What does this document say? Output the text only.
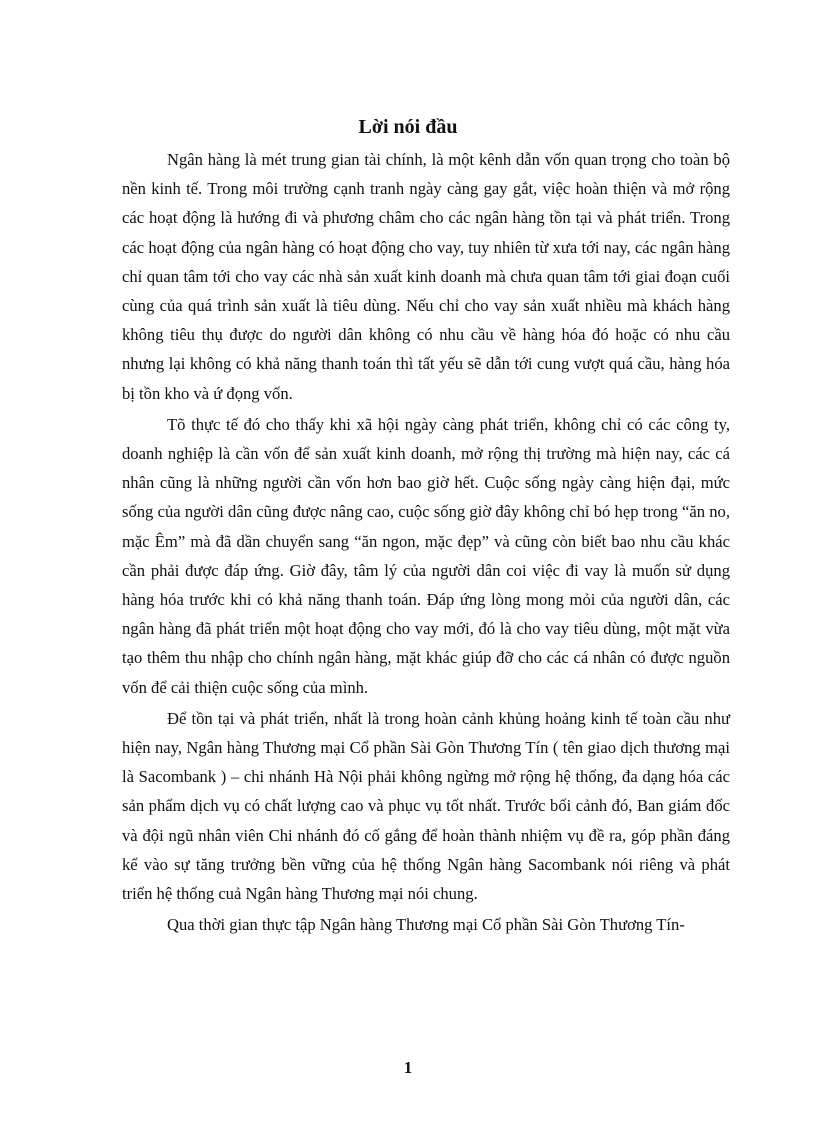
Lời nói đầu

Ngân hàng là mét trung gian tài chính, là một kênh dẫn vốn quan trọng cho toàn bộ nền kinh tế. Trong môi trường cạnh tranh ngày càng gay gắt, việc hoàn thiện và mở rộng các hoạt động là hướng đi và phương châm cho các ngân hàng tồn tại và phát triển. Trong các hoạt động của ngân hàng có hoạt động cho vay, tuy nhiên từ xưa tới nay, các ngân hàng chỉ quan tâm tới cho vay các nhà sản xuất kinh doanh mà chưa quan tâm tới giai đoạn cuối cùng của quá trình sản xuất là tiêu dùng. Nếu chỉ cho vay sản xuất nhiều mà khách hàng không tiêu thụ được do người dân không có nhu cầu về hàng hóa đó hoặc có nhu cầu nhưng lại không có khả năng thanh toán thì tất yếu sẽ dẫn tới cung vượt quá cầu, hàng hóa bị tồn kho và ứ đọng vốn.

Tõ thực tế đó cho thấy khi xã hội ngày càng phát triển, không chỉ có các công ty, doanh nghiệp là cần vốn để sản xuất kinh doanh, mở rộng thị trường mà hiện nay, các cá nhân cũng là những người cần vốn hơn bao giờ hết. Cuộc sống ngày càng hiện đại, mức sống của người dân cũng được nâng cao, cuộc sống giờ đây không chỉ bó hẹp trong “ăn no, mặc Êm” mà đã dần chuyển sang “ăn ngon, mặc đẹp” và cũng còn biết bao nhu cầu khác cần phải được đáp ứng. Giờ đây, tâm lý của người dân coi việc đi vay là muốn sử dụng hàng hóa trước khi có khả năng thanh toán. Đáp ứng lòng mong mỏi của người dân, các ngân hàng đã phát triển một hoạt động cho vay mới, đó là cho vay tiêu dùng, một mặt vừa tạo thêm thu nhập cho chính ngân hàng, mặt khác giúp đỡ cho các cá nhân có được nguồn vốn để cải thiện cuộc sống của mình.

Để tồn tại và phát triển, nhất là trong hoàn cảnh khủng hoảng kinh tế toàn cầu như hiện nay, Ngân hàng Thương mại Cổ phần Sài Gòn Thương Tín ( tên giao dịch thương mại là Sacombank ) – chi nhánh Hà Nội phải không ngừng mở rộng hệ thống, đa dạng hóa các sản phẩm dịch vụ có chất lượng cao và phục vụ tốt nhất. Trước bối cảnh đó, Ban giám đốc và đội ngũ nhân viên Chi nhánh đó cố gắng để hoàn thành nhiệm vụ đề ra, góp phần đáng kể vào sự tăng trưởng bền vững của hệ thống Ngân hàng Sacombank nói riêng và phát triển hệ thống cuả Ngân hàng Thương mại nói chung.

Qua thời gian thực tập Ngân hàng Thương mại Cổ phần Sài Gòn Thương Tín-

1
